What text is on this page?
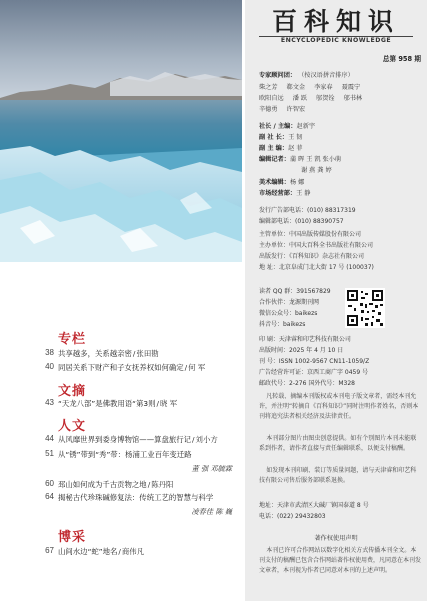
专栏
38 共享越多，关系越亲密/张田勘
40 同居关系下财产和子女抚养权如何确定/何 军
文摘
43 “天龙八部”是佛教用语“第3则/晓 军
人文
44 从风靡世界到委身博物馆——算盘旅行记/刘小方
51 从“锈”带到“秀”带：杨浦工业百年变迁路
董 强 邓毓霖
60 邳山如何成为千古贡物之地/陈丹阳
64 揭秘古代珍珠碱修复法：传统工艺的智慧与科学
凌春佳 陈 巍
博采
67 山间水边“蛇”地名/商伟凡
百科知识
ENCYCLOPEDIC KNOWLEDGE
总第 958 期
专家顾问团： （按汉语拼音排序）
柴之芳 郗文金 李家春 聂震宁
欧阳自远 潘 跃 邬贺铨 邬书林
辛德勇 许智宏
社长 / 主编：赵新宇
副 社 长：王 韧
副 主 编：赵 菲
编辑记者：蒲 晖 王 凯 张小萌
谢 燕 龚 婷
美术编辑：杨 娜
市场经营部：王 静
发行广告部电话：(010) 88317319
编辑部电话：(010) 88390757
主管单位：中国出版传媒股份有限公司
主办单位：中国大百科全书出版社有限公司
出版发行：《百科知识》杂志社有限公司
地 址：北京阜成门北大街 17 号 (100037)
读者 QQ 群：391567829
合作伙伴：龙源期刊网
微信公众号：baikezs
抖音号：baikezs
印 刷：天津睿和印艺科技有限公司
出版时间：2025 年 4 月 10 日
刊 号：ISSN 1002-9567 CN11-1059/Z
广告经营许可证：京西工商广字 0459 号
邮政代号：2-276 国外代号：M328

凡转载、摘编本刊版权或本刊电子版文章者，需经本刊允许，并注明“转摘自《百科知识》”同时注明作者姓名，否则本刊将追究法者相关经济及法律责任。

本刊部分图片由图虫创意提供。如有个别图片本刊未能联系到作者，请作者直接与责任编辑联系，以便支付稿酬。

如发现本刊印刷、装订等质量问题，请与天津睿和印艺科技有限公司售后服务部联系退换。

地址：天津市武清区大碱厂镇国泰道 8 号
电话：(022) 29432803
著作权使用声明

本刊已许可合作网站以数字化相关方式传播本刊全文。本刊支付的稿酬已包含合作网站著作权使用费，凡同意在本刊发文章者，本刊视为作者已同意对本刊的上述声明。
